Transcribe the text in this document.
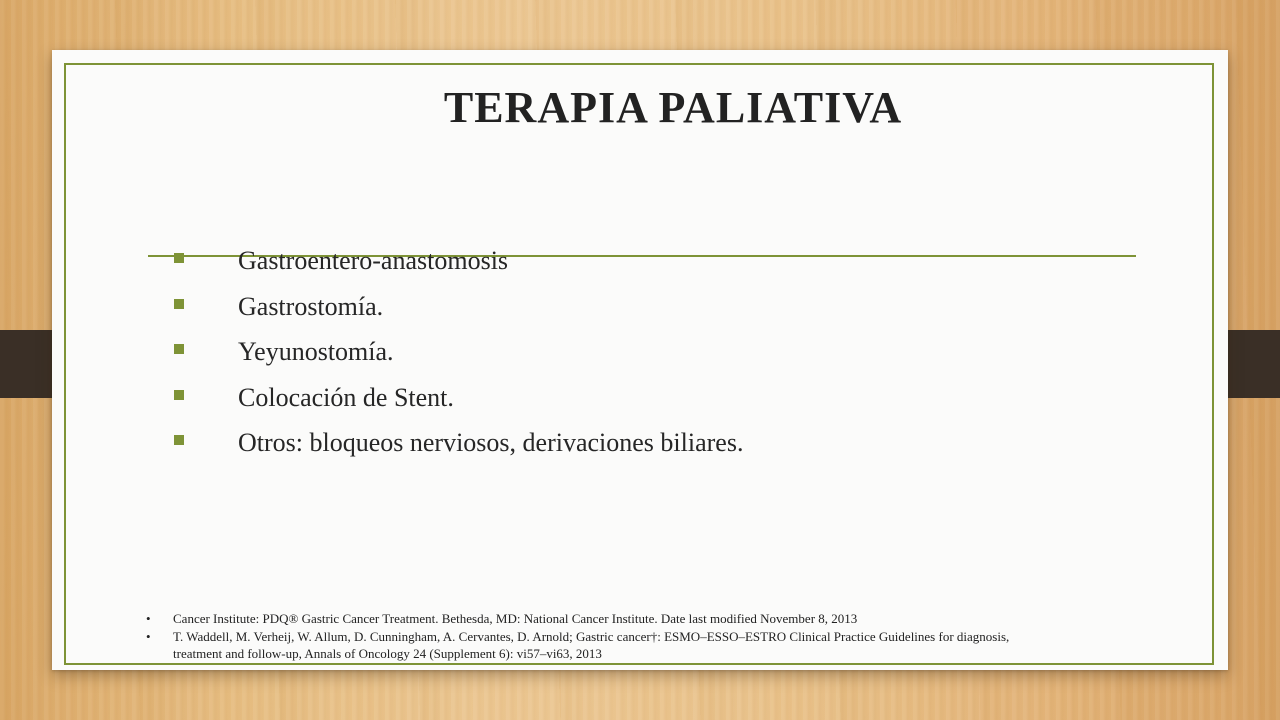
TERAPIA PALIATIVA
Gastroentero-anastomosis
Gastrostomía.
Yeyunostomía.
Colocación de Stent.
Otros: bloqueos nerviosos, derivaciones biliares.
• Cancer Institute: PDQ® Gastric Cancer Treatment. Bethesda, MD: National Cancer Institute. Date last modified November 8, 2013
• T. Waddell, M. Verheij, W. Allum, D. Cunningham, A. Cervantes, D. Arnold; Gastric cancer†: ESMO–ESSO–ESTRO Clinical Practice Guidelines for diagnosis, treatment and follow-up, Annals of Oncology 24 (Supplement 6): vi57–vi63, 2013
